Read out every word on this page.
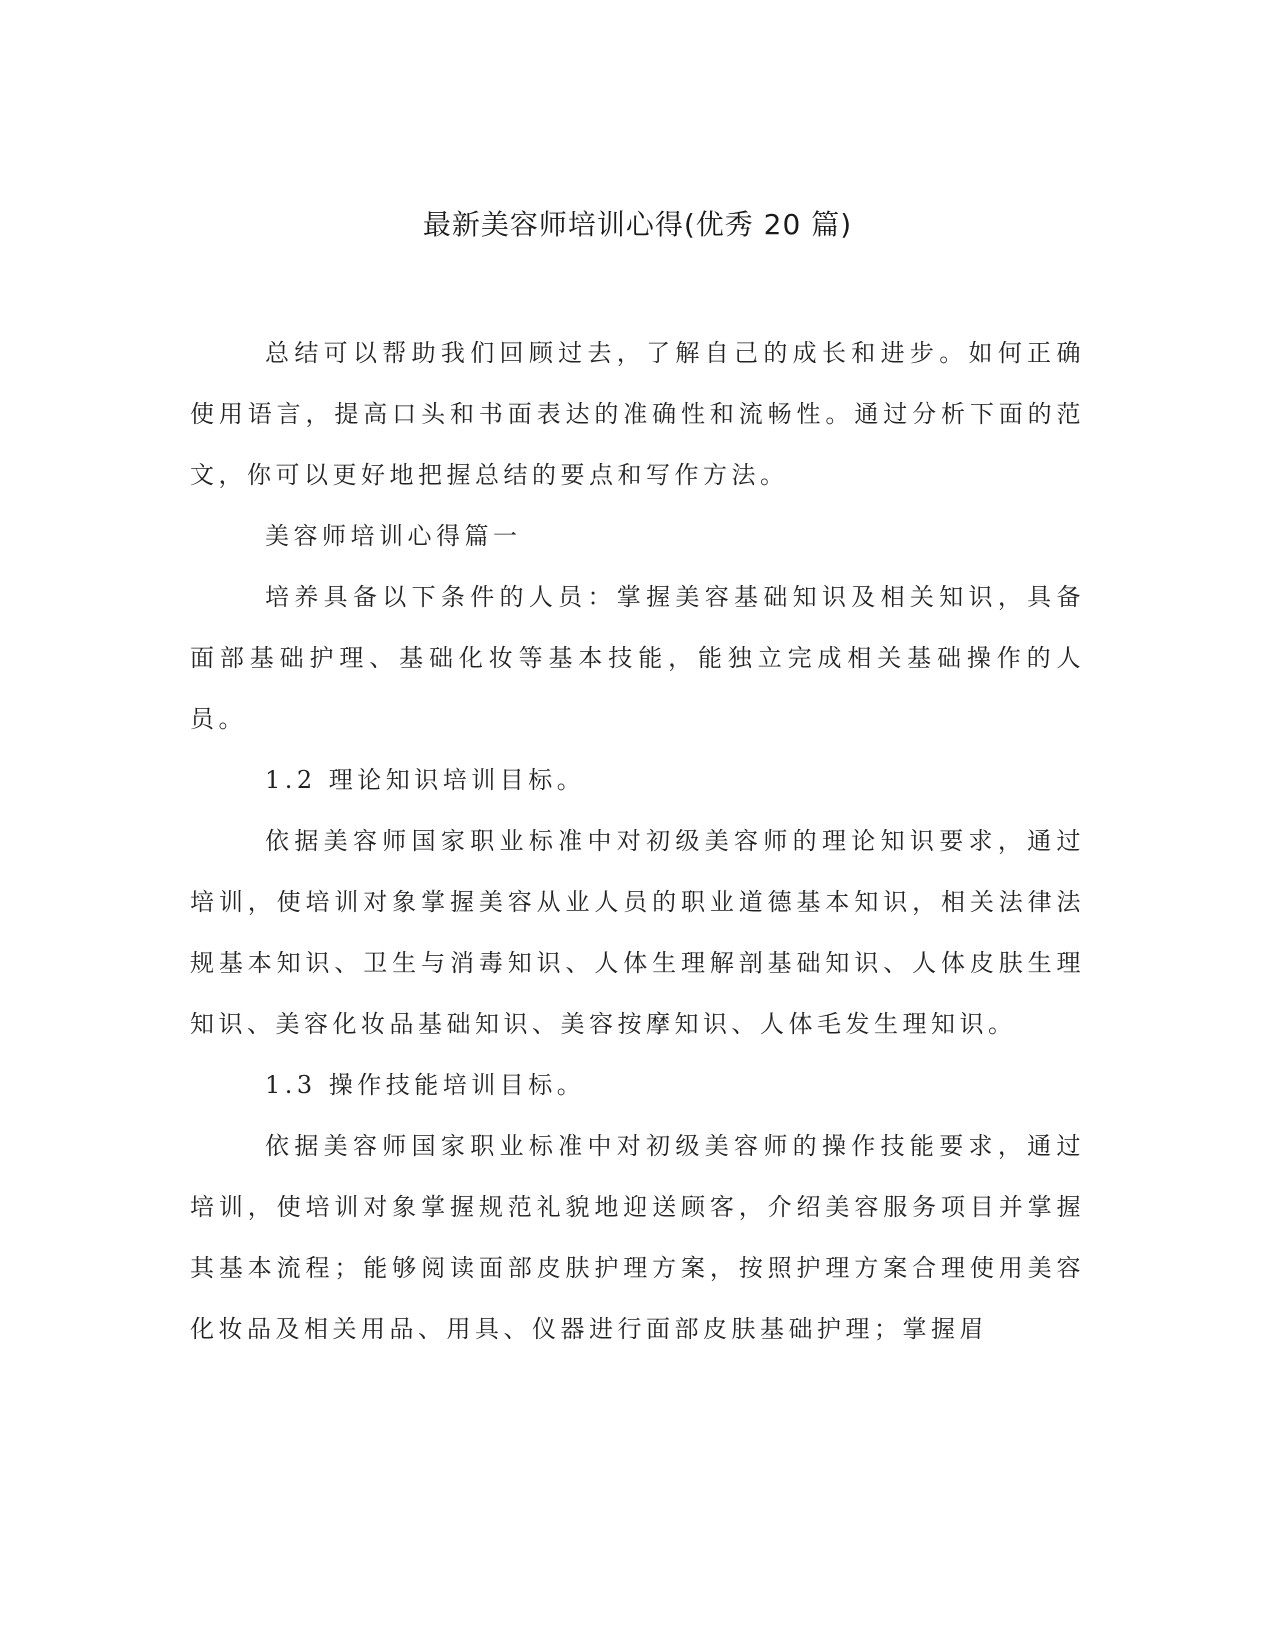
最新美容师培训心得(优秀 20 篇)

总结可以帮助我们回顾过去，了解自己的成长和进步。如何正确使用语言，提高口头和书面表达的准确性和流畅性。通过分析下面的范文，你可以更好地把握总结的要点和写作方法。

美容师培训心得篇一

培养具备以下条件的人员：掌握美容基础知识及相关知识，具备面部基础护理、基础化妆等基本技能，能独立完成相关基础操作的人员。

1.2 理论知识培训目标。

依据美容师国家职业标准中对初级美容师的理论知识要求，通过培训，使培训对象掌握美容从业人员的职业道德基本知识，相关法律法规基本知识、卫生与消毒知识、人体生理解剖基础知识、人体皮肤生理知识、美容化妆品基础知识、美容按摩知识、人体毛发生理知识。

1.3 操作技能培训目标。

依据美容师国家职业标准中对初级美容师的操作技能要求，通过培训，使培训对象掌握规范礼貌地迎送顾客，介绍美容服务项目并掌握其基本流程；能够阅读面部皮肤护理方案，按照护理方案合理使用美容化妆品及相关用品、用具、仪器进行面部皮肤基础护理；掌握眉
